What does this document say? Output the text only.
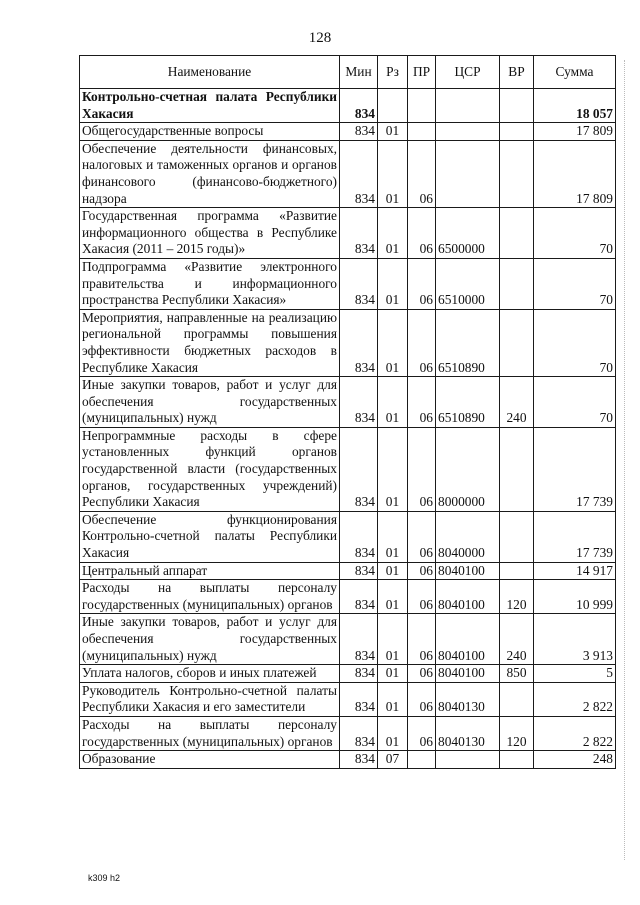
128
Наименование	Мин	Рз	ПР	ЦСР	ВР	Сумма
Контрольно-счетная палата Республики Хакасия	834					18 057
Общегосударственные вопросы	834	01				17 809
Обеспечение деятельности финансовых, налоговых и таможенных органов и органов финансового (финансово-бюджетного) надзора	834	01	06			17 809
Государственная программа «Развитие информационного общества в Республике Хакасия (2011 – 2015 годы)»	834	01	06	6500000		70
Подпрограмма «Развитие электронного правительства и информационного пространства Республики Хакасия»	834	01	06	6510000		70
Мероприятия, направленные на реализацию региональной программы повышения эффективности бюджетных расходов в Республике Хакасия	834	01	06	6510890		70
Иные закупки товаров, работ и услуг для обеспечения государственных (муниципальных) нужд	834	01	06	6510890	240	70
Непрограммные расходы в сфере установленных функций органов государственной власти (государственных органов, государственных учреждений) Республики Хакасия	834	01	06	8000000		17 739
Обеспечение функционирования Контрольно-счетной палаты Республики Хакасия	834	01	06	8040000		17 739
Центральный аппарат	834	01	06	8040100		14 917
Расходы на выплаты персоналу государственных (муниципальных) органов	834	01	06	8040100	120	10 999
Иные закупки товаров, работ и услуг для обеспечения государственных (муниципальных) нужд	834	01	06	8040100	240	3 913
Уплата налогов, сборов и иных платежей	834	01	06	8040100	850	5
Руководитель Контрольно-счетной палаты Республики Хакасия и его заместители	834	01	06	8040130		2 822
Расходы на выплаты персоналу государственных (муниципальных) органов	834	01	06	8040130	120	2 822
Образование	834	07				248
k309 h2
